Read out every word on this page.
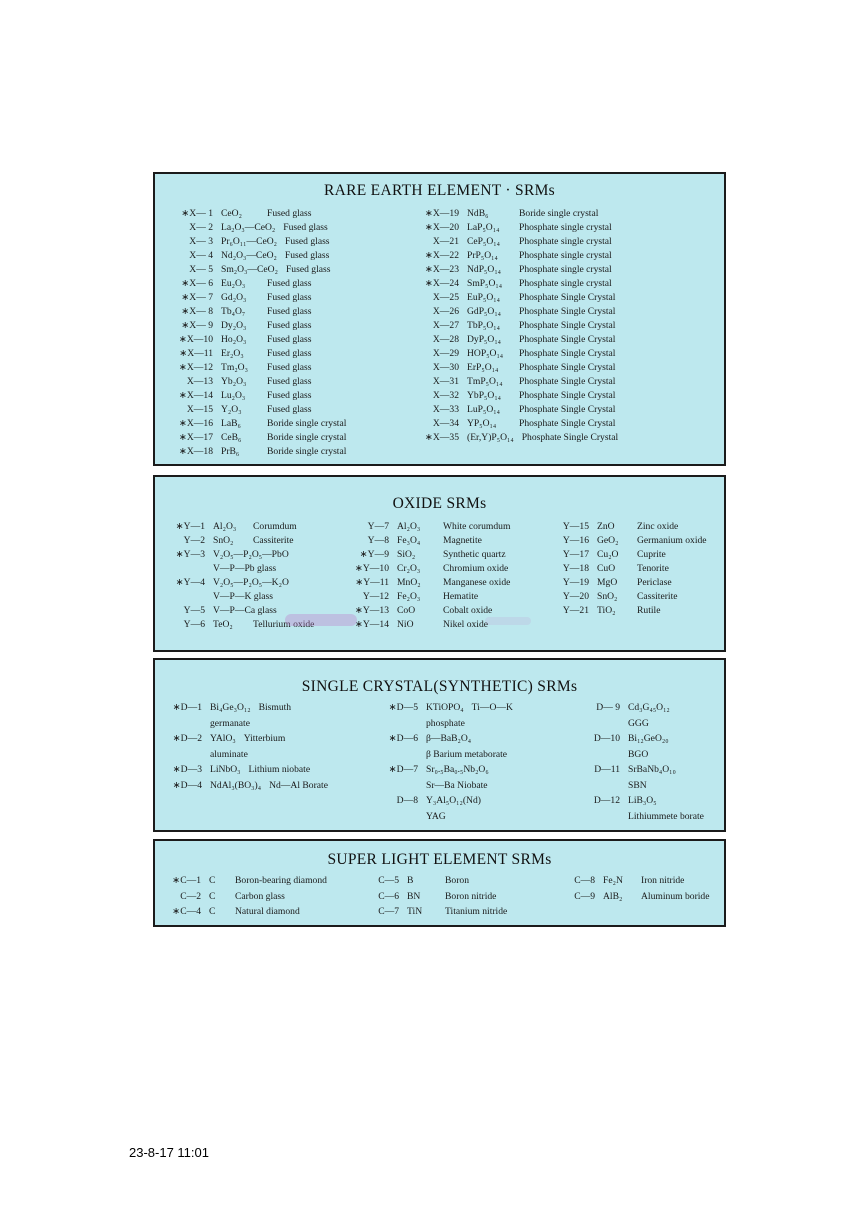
RARE EARTH ELEMENT · SRMs
∗X— 1 CeO₂	Fused glass
X— 2 La₂O₃—CeO₂ Fused glass
X— 3 Pr₆O₁₁—CeO₂ Fused glass
X— 4 Nd₂O₃—CeO₂ Fused glass
X— 5 Sm₂O₃—CeO₂ Fused glass
∗X— 6 Eu₂O₃ Fused glass
∗X— 7 Gd₂O₃ Fused glass
∗X— 8 Tb₄O₇ Fused glass
∗X— 9 Dy₂O₃ Fused glass
∗X—10 Ho₂O₃ Fused glass
∗X—11 Er₂O₃ Fused glass
∗X—12 Tm₂O₃ Fused glass
X—13 Yb₂O₃ Fused glass
∗X—14 Lu₂O₃ Fused glass
X—15 Y₂O₃	Fused glass
∗X—16 LaB₆	Boride single crystal
∗X—17 CeB₆	Boride single crystal
∗X—18 PrB₆	Boride single crystal
∗X—19 NdB₆	Boride single crystal
∗X—20 LaP₅O₁₄ Phosphate single crystal
X—21 CeP₅O₁₄ Phosphate single crystal
∗X—22 PrP₅O₁₄ Phosphate single crystal
∗X—23 NdP₅O₁₄ Phosphate single crystal
∗X—24 SmP₅O₁₄ Phosphate single crystal
X—25 EuP₅O₁₄ Phosphate Single Crystal
X—26 GdP₅O₁₄ Phosphate Single Crystal
X—27 TbP₅O₁₄ Phosphate Single Crystal
X—28 DyP₅O₁₄ Phosphate Single Crystal
X—29 HOP₅O₁₄ Phosphate Single Crystal
X—30 ErP₅O₁₄ Phosphate Single Crystal
X—31 TmP₅O₁₄ Phosphate Single Crystal
X—32 YbP₅O₁₄ Phosphate Single Crystal
X—33 LuP₅O₁₄ Phosphate Single Crystal
X—34 YP₅O₁₄ Phosphate Single Crystal
∗X—35 (Er,Y)P₅O₁₄ Phosphate Single Crystal
OXIDE SRMs
∗Y—1 Al₂O₃ Corumdum
Y—2 SnO₂ Cassiterite
∗Y—3 V₂O₅—P₂O₅—PbO
V—P—Pb glass
∗Y—4 V₂O₅—P₂O₅—K₂O
V—P—K glass
Y—5 V—P—Ca glass
Y—6 TeO₂ Tellurium oxide
Y—7 Al₂O₃ White corumdum
Y—8 Fe₃O₄ Magnetite
∗Y—9 SiO₂	Synthetic quartz
∗Y—10 Cr₂O₃ Chromium oxide
∗Y—11 MnO₂ Manganese oxide
Y—12 Fe₂O₃ Hematite
∗Y—13 CoO	Cobalt oxide
∗Y—14 NiO	Nikel oxide
Y—15 ZnO Zinc oxide
Y—16 GeO₂ Germanium oxide
Y—17 Cu₂O Cuprite
Y—18 CuO Tenorite
Y—19 MgO Periclase
Y—20 SnO₂ Cassiterite
Y—21 TiO₂ Rutile
SINGLE CRYSTAL(SYNTHETIC) SRMs
∗D—1 Bi₄Ge₃O₁₂ Bismuth
germanate
∗D—2 YAlO₃ Yitterbium
aluminate
∗D—3 LiNbO₃ Lithium niobate
∗D—4 NdAl₃(BO₃)₄ Nd—Al Borate
∗D—5 KTiOPO₄ Ti—O—K
phosphate
∗D—6 β—BaB₂O₄
β Barium metaborate
∗D—7 Sr₀.₅Ba₀.₅Nb₂O₆
Sr—Ba Niobate
D—8 Y₃Al₅O₁₂(Nd)
YAG
D— 9 Cd₃G₄₅O₁₂
GGG
D—10 Bi₁₂GeO₂₀
BGO
D—11 SrBaNb₄O₁₀
SBN
D—12 LiB₃O₅
Lithiummete borate
SUPER LIGHT ELEMENT SRMs
∗C—1 C Boron-bearing diamond
C—2 C Carbon glass
∗C—4 C Natural diamond
C—5 B	Boron
C—6 BN	Boron nitride
C—7 TiN Titanium nitride
C—8 Fe₂N Iron nitride
C—9 AlB₂ Aluminum boride
23-8-17 11:01
